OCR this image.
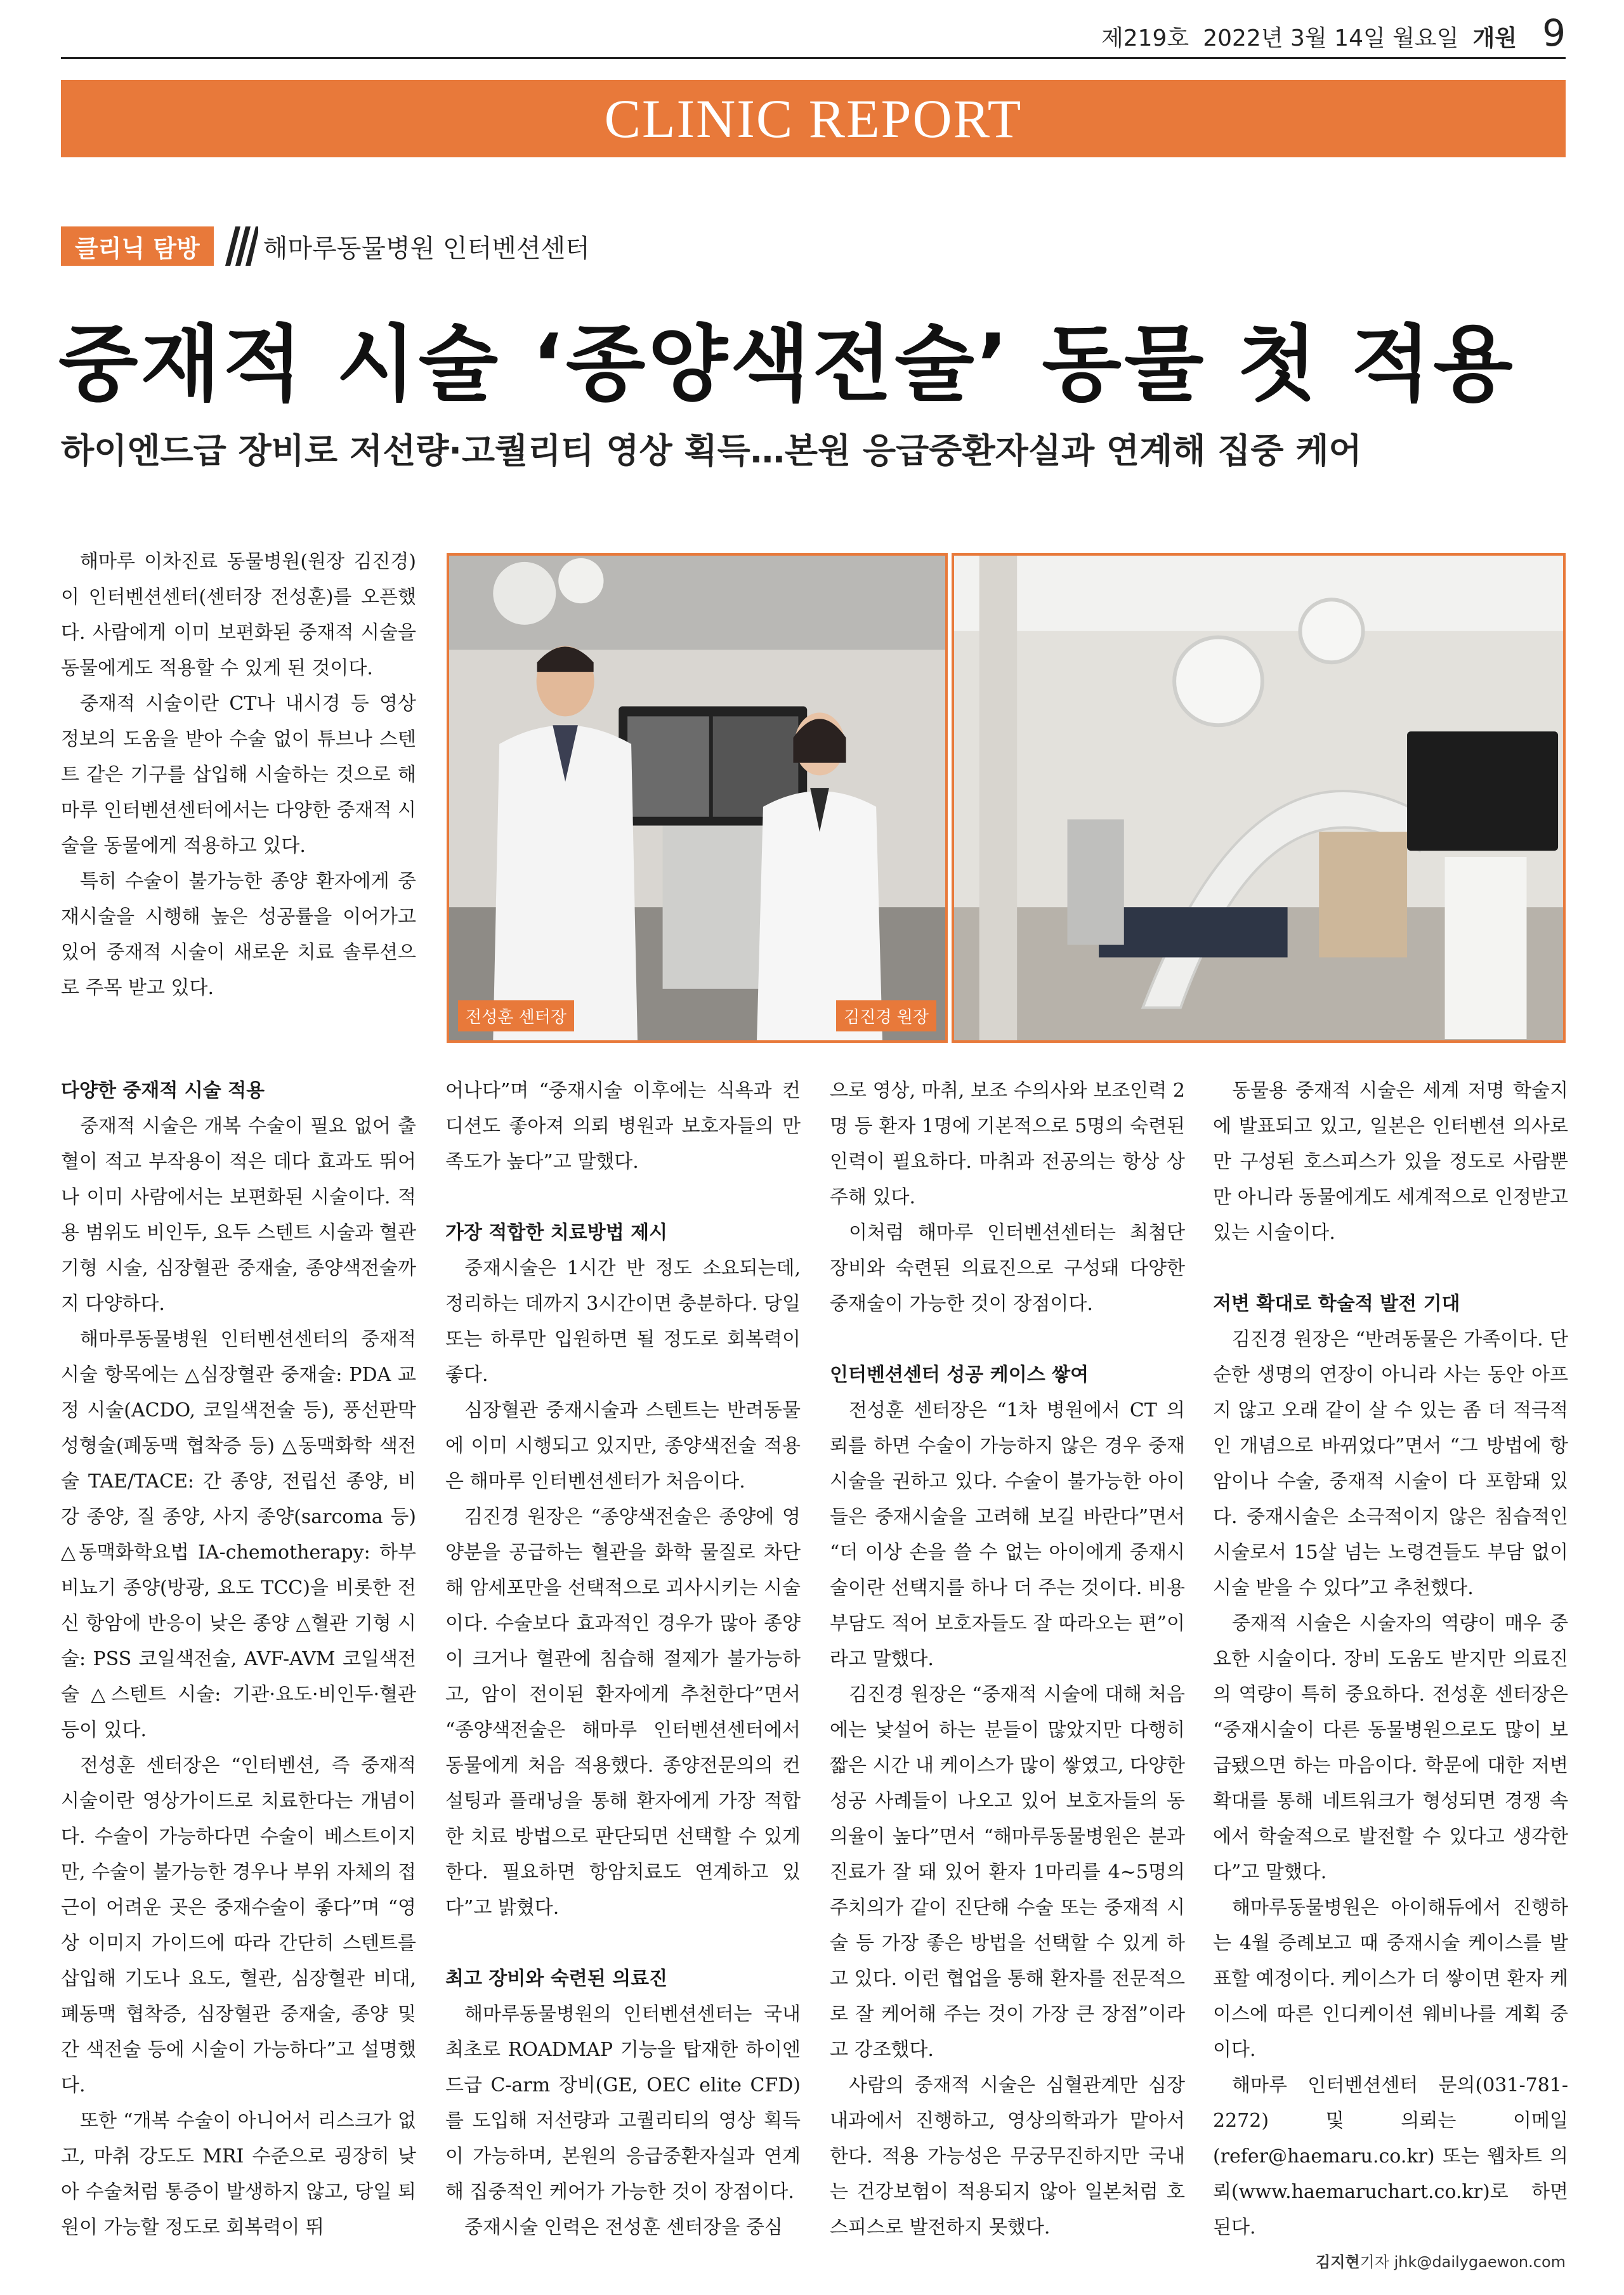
제219호 2022년 3월 14일 월요일 개원 9
CLINIC REPORT
클리닉 탐방	해마루동물병원 인터벤션센터
중재적 시술 ‘종양색전술’ 동물 첫 적용
하이엔드급 장비로 저선량·고퀄리티 영상 획득…본원 응급중환자실과 연계해 집중 케어

해마루 이차진료 동물병원(원장 김진경)이 인터벤션센터(센터장 전성훈)를 오픈했다. 사람에게 이미 보편화된 중재적 시술을 동물에게도 적용할 수 있게 된 것이다.

중재적 시술이란 CT나 내시경 등 영상 정보의 도움을 받아 수술 없이 튜브나 스텐트 같은 기구를 삽입해 시술하는 것으로 해마루 인터벤션센터에서는 다양한 중재적 시술을 동물에게 적용하고 있다.

특히 수술이 불가능한 종양 환자에게 중재시술을 시행해 높은 성공률을 이어가고 있어 중재적 시술이 새로운 치료 솔루션으로 주목 받고 있다.

전성훈 센터장	김진경 원장
다양한 중재적 시술 적용

중재적 시술은 개복 수술이 필요 없어 출혈이 적고 부작용이 적은 데다 효과도 뛰어나 이미 사람에서는 보편화된 시술이다. 적용 범위도 비인두, 요두 스텐트 시술과 혈관기형 시술, 심장혈관 중재술, 종양색전술까지 다양하다.

해마루동물병원 인터벤션센터의 중재적 시술 항목에는 △심장혈관 중재술: PDA 교정 시술(ACDO, 코일색전술 등), 풍선판막성형술(폐동맥 협착증 등) △동맥화학 색전술 TAE/TACE: 간 종양, 전립선 종양, 비강 종양, 질 종양, 사지 종양(sarcoma 등) △동맥화학요법 IA-chemotherapy: 하부 비뇨기 종양(방광, 요도 TCC)을 비롯한 전신 항암에 반응이 낮은 종양 △혈관 기형 시술: PSS 코일색전술, AVF-AVM 코일색전술 △스텐트 시술: 기관·요도·비인두·혈관 등이 있다.

전성훈 센터장은 “인터벤션, 즉 중재적 시술이란 영상가이드로 치료한다는 개념이다. 수술이 가능하다면 수술이 베스트이지만, 수술이 불가능한 경우나 부위 자체의 접근이 어려운 곳은 중재수술이 좋다”며 “영상 이미지 가이드에 따라 간단히 스텐트를 삽입해 기도나 요도, 혈관, 심장혈관 비대, 폐동맥 협착증, 심장혈관 중재술, 종양 및 간 색전술 등에 시술이 가능하다”고 설명했다.

또한 “개복 수술이 아니어서 리스크가 없고, 마취 강도도 MRI 수준으로 굉장히 낮아 수술처럼 통증이 발생하지 않고, 당일 퇴원이 가능할 정도로 회복력이 뛰

어나다”며 “중재시술 이후에는 식욕과 컨디션도 좋아져 의뢰 병원과 보호자들의 만족도가 높다”고 말했다.

가장 적합한 치료방법 제시

중재시술은 1시간 반 정도 소요되는데, 정리하는 데까지 3시간이면 충분하다. 당일 또는 하루만 입원하면 될 정도로 회복력이 좋다.

심장혈관 중재시술과 스텐트는 반려동물에 이미 시행되고 있지만, 종양색전술 적용은 해마루 인터벤션센터가 처음이다.

김진경 원장은 “종양색전술은 종양에 영양분을 공급하는 혈관을 화학 물질로 차단해 암세포만을 선택적으로 괴사시키는 시술이다. 수술보다 효과적인 경우가 많아 종양이 크거나 혈관에 침습해 절제가 불가능하고, 암이 전이된 환자에게 추천한다”면서 “종양색전술은 해마루 인터벤션센터에서 동물에게 처음 적용했다. 종양전문의의 컨설팅과 플래닝을 통해 환자에게 가장 적합한 치료 방법으로 판단되면 선택할 수 있게 한다. 필요하면 항암치료도 연계하고 있다”고 밝혔다.

최고 장비와 숙련된 의료진

해마루동물병원의 인터벤션센터는 국내 최초로 ROADMAP 기능을 탑재한 하이엔드급 C-arm 장비(GE, OEC elite CFD)를 도입해 저선량과 고퀄리티의 영상 획득이 가능하며, 본원의 응급중환자실과 연계해 집중적인 케어가 가능한 것이 장점이다.

중재시술 인력은 전성훈 센터장을 중심

으로 영상, 마취, 보조 수의사와 보조인력 2명 등 환자 1명에 기본적으로 5명의 숙련된 인력이 필요하다. 마취과 전공의는 항상 상주해 있다.

이처럼 해마루 인터벤션센터는 최첨단 장비와 숙련된 의료진으로 구성돼 다양한 중재술이 가능한 것이 장점이다.

인터벤션센터 성공 케이스 쌓여

전성훈 센터장은 “1차 병원에서 CT 의뢰를 하면 수술이 가능하지 않은 경우 중재시술을 권하고 있다. 수술이 불가능한 아이들은 중재시술을 고려해 보길 바란다”면서 “더 이상 손을 쓸 수 없는 아이에게 중재시술이란 선택지를 하나 더 주는 것이다. 비용 부담도 적어 보호자들도 잘 따라오는 편”이라고 말했다.

김진경 원장은 “중재적 시술에 대해 처음에는 낯설어 하는 분들이 많았지만 다행히 짧은 시간 내 케이스가 많이 쌓였고, 다양한 성공 사례들이 나오고 있어 보호자들의 동의율이 높다”면서 “해마루동물병원은 분과진료가 잘 돼 있어 환자 1마리를 4~5명의 주치의가 같이 진단해 수술 또는 중재적 시술 등 가장 좋은 방법을 선택할 수 있게 하고 있다. 이런 협업을 통해 환자를 전문적으로 잘 케어해 주는 것이 가장 큰 장점”이라고 강조했다.

사람의 중재적 시술은 심혈관계만 심장내과에서 진행하고, 영상의학과가 맡아서 한다. 적용 가능성은 무궁무진하지만 국내는 건강보험이 적용되지 않아 일본처럼 호스피스로 발전하지 못했다.

동물용 중재적 시술은 세계 저명 학술지에 발표되고 있고, 일본은 인터벤션 의사로만 구성된 호스피스가 있을 정도로 사람뿐만 아니라 동물에게도 세계적으로 인정받고 있는 시술이다.

저변 확대로 학술적 발전 기대

김진경 원장은 “반려동물은 가족이다. 단순한 생명의 연장이 아니라 사는 동안 아프지 않고 오래 같이 살 수 있는 좀 더 적극적인 개념으로 바뀌었다”면서 “그 방법에 항암이나 수술, 중재적 시술이 다 포함돼 있다. 중재시술은 소극적이지 않은 침습적인 시술로서 15살 넘는 노령견들도 부담 없이 시술 받을 수 있다”고 추천했다.

중재적 시술은 시술자의 역량이 매우 중요한 시술이다. 장비 도움도 받지만 의료진의 역량이 특히 중요하다. 전성훈 센터장은 “중재시술이 다른 동물병원으로도 많이 보급됐으면 하는 마음이다. 학문에 대한 저변 확대를 통해 네트워크가 형성되면 경쟁 속에서 학술적으로 발전할 수 있다고 생각한다”고 말했다.

해마루동물병원은 아이해듀에서 진행하는 4월 증례보고 때 중재시술 케이스를 발표할 예정이다. 케이스가 더 쌓이면 환자 케이스에 따른 인디케이션 웨비나를 계획 중이다.

해마루 인터벤션센터 문의(031-781-2272) 및 의뢰는 이메일(refer@haemaru.co.kr) 또는 웹차트 의뢰(www.haemaruchart.co.kr)로 하면 된다.

김지현기자 jhk@dailygaewon.com
